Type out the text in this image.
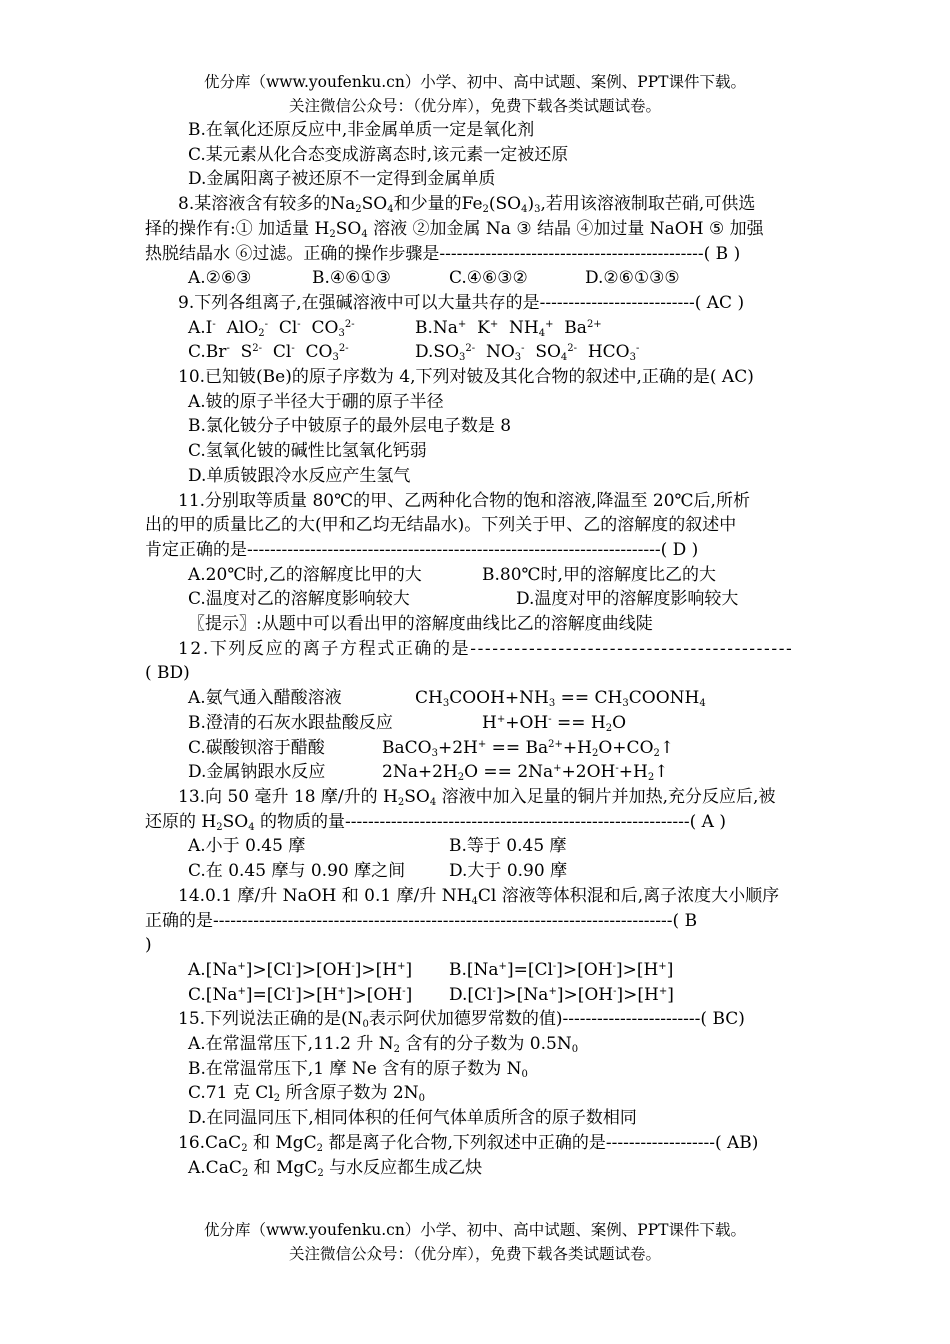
优分库（www.youfenku.cn）小学、初中、高中试题、案例、PPT课件下载。
关注微信公众号：（优分库），免费下载各类试题试卷。
B.在氧化还原反应中,非金属单质一定是氧化剂
C.某元素从化合态变成游离态时,该元素一定被还原
D.金属阳离子被还原不一定得到金属单质
8.某溶液含有较多的$Na_2SO_4$和少量的$Fe_2(SO_4)_3$,若用该溶液制取芒硝,可供选
择的操作有:① 加适量 $H_2SO_4$ 溶液 ②加金属 Na ③ 结晶 ④加过量 NaOH ⑤ 加强
热脱结晶水 ⑥过滤。正确的操作步骤是----------------------------------------------( B )
A.②⑥③	B.④⑥①③	C.④⑥③②	D.②⑥①③⑤
9.下列各组离子,在强碱溶液中可以大量共存的是---------------------------( AC )
A.I-  AlO$_2$-  Cl-  $CO_3^{2-}$	B.Na+  K+  $NH_4^+$  $Ba^{2+}$
C.Br-  $S^{2-}$  Cl-  $CO_3^{2-}$	$D.SO_3^{2-}$  $NO_3^-$  $SO_4^{2-}$  $HCO_3^-$
10.已知铍(Be)的原子序数为 4,下列对铍及其化合物的叙述中,正确的是( AC)
A.铍的原子半径大于硼的原子半径
B.氯化铍分子中铍原子的最外层电子数是 8
C.氢氧化铍的碱性比氢氧化钙弱
D.单质铍跟冷水反应产生氢气
11.分别取等质量 80℃的甲、乙两种化合物的饱和溶液,降温至 20℃后,所析
出的甲的质量比乙的大(甲和乙均无结晶水)。下列关于甲、乙的溶解度的叙述中
肯定正确的是------------------------------------------------------------------------( D )
A.20℃时,乙的溶解度比甲的大	B.80℃时,甲的溶解度比乙的大
C.温度对乙的溶解度影响较大	D.温度对甲的溶解度影响较大
〖提示〗:从题中可以看出甲的溶解度曲线比乙的溶解度曲线陡
12.下列反应的离子方程式正确的是--------------------------------------------
( BD)
A.氨气通入醋酸溶液	$CH_3COOH+NH_3$ == $CH_3COONH_4$
B.澄清的石灰水跟盐酸反应	$H^++OH^- == H_2O$
C.碳酸钡溶于醋酸	BaCO$_3$+2H+ == $Ba^{2+}+H_2O+CO_2↑$
D.金属钠跟水反应	$2Na+2H_2O$ == $2Na^++2OH^-+H_2↑$
13.向 50 毫升 18 摩/升的 $H_2SO_4$ 溶液中加入足量的铜片并加热,充分反应后,被
还原的 $H_2SO_4$ 的物质的量------------------------------------------------------------( A )
A.小于 0.45 摩	B.等于 0.45 摩
C.在 0.45 摩与 0.90 摩之间	D.大于 0.90 摩
14.0.1 摩/升 NaOH 和 0.1 摩/升 $NH_4Cl$ 溶液等体积混和后,离子浓度大小顺序
正确的是--------------------------------------------------------------------------------( B
)
A.[Na+]>[Cl-]>[OH-]>[H+] B.[Na+]=[Cl-]>[OH-]>[H+]
C.[Na+]=[Cl-]>[H+]>[OH-] D.[Cl-]>[Na+]>[OH-]>[H+]
15.下列说法正确的是($N_0$表示阿伏加德罗常数的值)------------------------( BC)
A.在常温常压下,11.2 升 $N_2$ 含有的分子数为 $0.5N_0$
B.在常温常压下,1 摩 Ne 含有的原子数为 $N_0$
C.71 克 $Cl_2$ 所含原子数为 $2N_0$
D.在同温同压下,相同体积的任何气体单质所含的原子数相同
16.CaC$_2$ 和 MgC$_2$ 都是离子化合物,下列叙述中正确的是-------------------( AB)
A.CaC$_2$ 和 MgC$_2$ 与水反应都生成乙炔
优分库（www.youfenku.cn）小学、初中、高中试题、案例、PPT课件下载。
关注微信公众号：（优分库），免费下载各类试题试卷。
